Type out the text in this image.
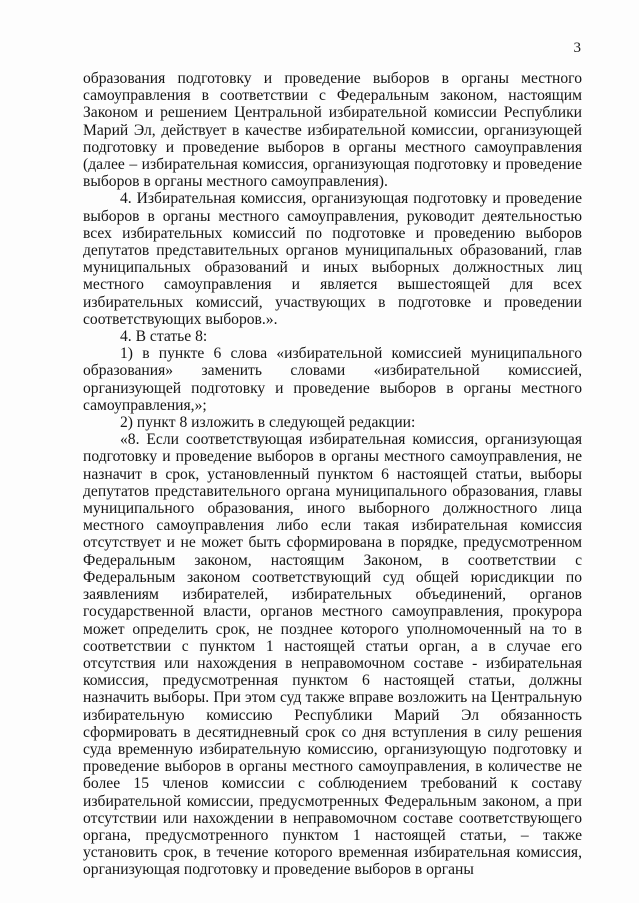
3

образования подготовку и проведение выборов в органы местного самоуправления в соответствии с Федеральным законом, настоящим Законом и решением Центральной избирательной комиссии Республики Марий Эл, действует в качестве избирательной комиссии, организующей подготовку и проведение выборов в органы местного самоуправления (далее – избирательная комиссия, организующая подготовку и проведение выборов в органы местного самоуправления).

4. Избирательная комиссия, организующая подготовку и проведение выборов в органы местного самоуправления, руководит деятельностью всех избирательных комиссий по подготовке и проведению выборов депутатов представительных органов муниципальных образований, глав муниципальных образований и иных выборных должностных лиц местного самоуправления и является вышестоящей для всех избирательных комиссий, участвующих в подготовке и проведении соответствующих выборов.».

4. В статье 8:

1) в пункте 6 слова «избирательной комиссией муниципального образования» заменить словами «избирательной комиссией, организующей подготовку и проведение выборов в органы местного самоуправления,»;

2) пункт 8 изложить в следующей редакции:

«8. Если соответствующая избирательная комиссия, организующая подготовку и проведение выборов в органы местного самоуправления, не назначит в срок, установленный пунктом 6 настоящей статьи, выборы депутатов представительного органа муниципального образования, главы муниципального образования, иного выборного должностного лица местного самоуправления либо если такая избирательная комиссия отсутствует и не может быть сформирована в порядке, предусмотренном Федеральным законом, настоящим Законом, в соответствии с Федеральным законом соответствующий суд общей юрисдикции по заявлениям избирателей, избирательных объединений, органов государственной власти, органов местного самоуправления, прокурора может определить срок, не позднее которого уполномоченный на то в соответствии с пунктом 1 настоящей статьи орган, а в случае его отсутствия или нахождения в неправомочном составе - избирательная комиссия, предусмотренная пунктом 6 настоящей статьи, должны назначить выборы. При этом суд также вправе возложить на Центральную избирательную комиссию Республики Марий Эл обязанность сформировать в десятидневный срок со дня вступления в силу решения суда временную избирательную комиссию, организующую подготовку и проведение выборов в органы местного самоуправления, в количестве не более 15 членов комиссии с соблюдением требований к составу избирательной комиссии, предусмотренных Федеральным законом, а при отсутствии или нахождении в неправомочном составе соответствующего органа, предусмотренного пунктом 1 настоящей статьи, – также установить срок, в течение которого временная избирательная комиссия, организующая подготовку и проведение выборов в органы
